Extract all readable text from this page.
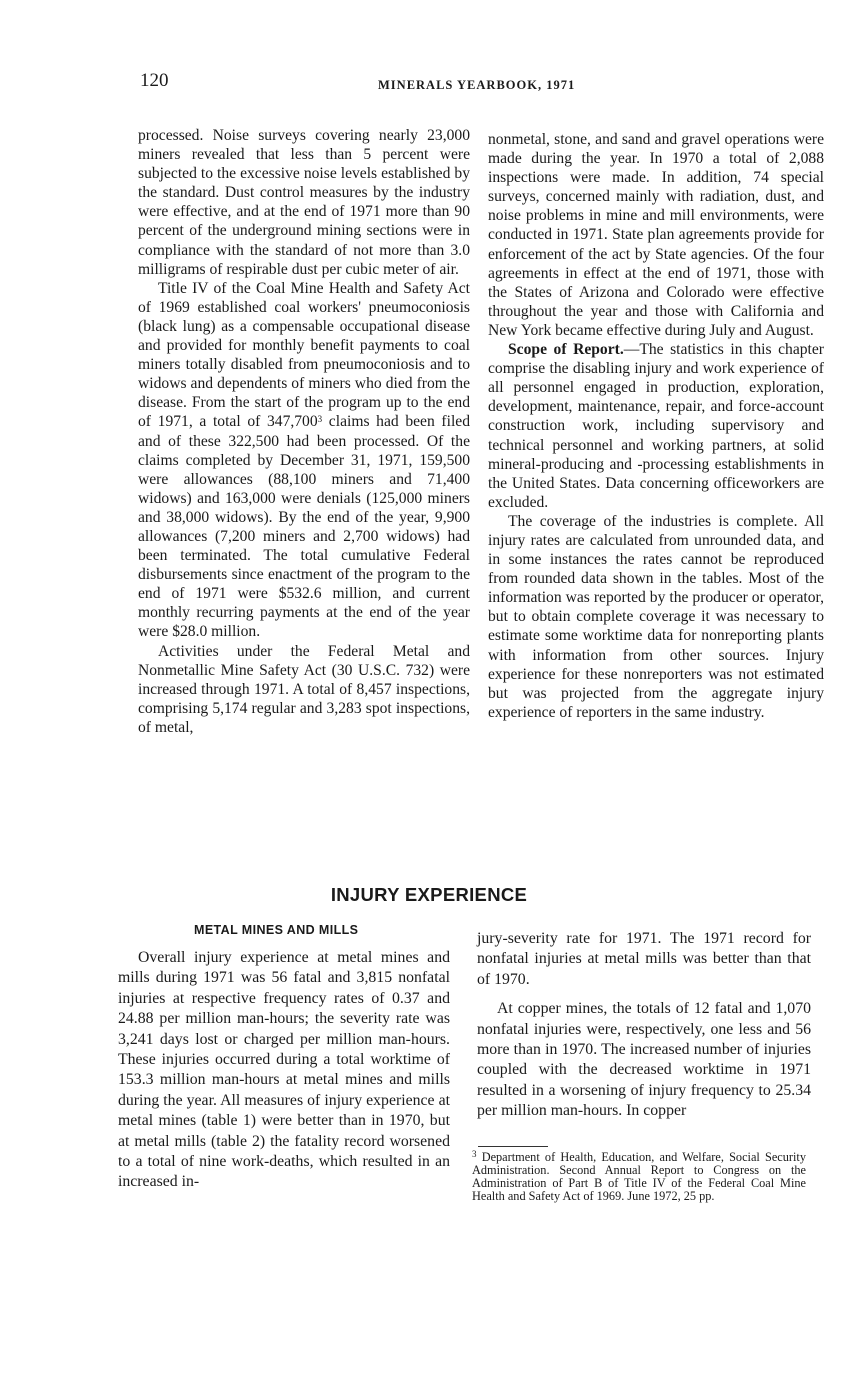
120	MINERALS YEARBOOK, 1971

processed. Noise surveys covering nearly 23,000 miners revealed that less than 5 percent were subjected to the excessive noise levels established by the standard. Dust control measures by the industry were effective, and at the end of 1971 more than 90 percent of the underground mining sections were in compliance with the standard of not more than 3.0 milligrams of respirable dust per cubic meter of air.

Title IV of the Coal Mine Health and Safety Act of 1969 established coal workers' pneumoconiosis (black lung) as a compensable occupational disease and provided for monthly benefit payments to coal miners totally disabled from pneumoconiosis and to widows and dependents of miners who died from the disease. From the start of the program up to the end of 1971, a total of 347,700$^3$ claims had been filed and of these 322,500 had been processed. Of the claims completed by December 31, 1971, 159,500 were allowances (88,100 miners and 71,400 widows) and 163,000 were denials (125,000 miners and 38,000 widows). By the end of the year, 9,900 allowances (7,200 miners and 2,700 widows) had been terminated. The total cumulative Federal disbursements since enactment of the program to the end of 1971 were $532.6 million, and current monthly recurring payments at the end of the year were $28.0 million.

Activities under the Federal Metal and Nonmetallic Mine Safety Act (30 U.S.C. 732) were increased through 1971. A total of 8,457 inspections, comprising 5,174 regular and 3,283 spot inspections, of metal,

nonmetal, stone, and sand and gravel operations were made during the year. In 1970 a total of 2,088 inspections were made. In addition, 74 special surveys, concerned mainly with radiation, dust, and noise problems in mine and mill environments, were conducted in 1971. State plan agreements provide for enforcement of the act by State agencies. Of the four agreements in effect at the end of 1971, those with the States of Arizona and Colorado were effective throughout the year and those with California and New York became effective during July and August.

Scope of Report.—The statistics in this chapter comprise the disabling injury and work experience of all personnel engaged in production, exploration, development, maintenance, repair, and force-account construction work, including supervisory and technical personnel and working partners, at solid mineral-producing and -processing establishments in the United States. Data concerning officeworkers are excluded.

The coverage of the industries is complete. All injury rates are calculated from unrounded data, and in some instances the rates cannot be reproduced from rounded data shown in the tables. Most of the information was reported by the producer or operator, but to obtain complete coverage it was necessary to estimate some worktime data for nonreporting plants with information from other sources. Injury experience for these nonreporters was not estimated but was projected from the aggregate injury experience of reporters in the same industry.

INJURY EXPERIENCE
METAL MINES AND MILLS

Overall injury experience at metal mines and mills during 1971 was 56 fatal and 3,815 nonfatal injuries at respective frequency rates of 0.37 and 24.88 per million man-hours; the severity rate was 3,241 days lost or charged per million man-hours. These injuries occurred during a total worktime of 153.3 million man-hours at metal mines and mills during the year. All measures of injury experience at metal mines (table 1) were better than in 1970, but at metal mills (table 2) the fatality record worsened to a total of nine work-deaths, which resulted in an increased in-

jury-severity rate for 1971. The 1971 record for nonfatal injuries at metal mills was better than that of 1970.

At copper mines, the totals of 12 fatal and 1,070 nonfatal injuries were, respectively, one less and 56 more than in 1970. The increased number of injuries coupled with the decreased worktime in 1971 resulted in a worsening of injury frequency to 25.34 per million man-hours. In copper

$^3$ Department of Health, Education, and Welfare, Social Security Administration. Second Annual Report to Congress on the Administration of Part B of Title IV of the Federal Coal Mine Health and Safety Act of 1969. June 1972, 25 pp.
